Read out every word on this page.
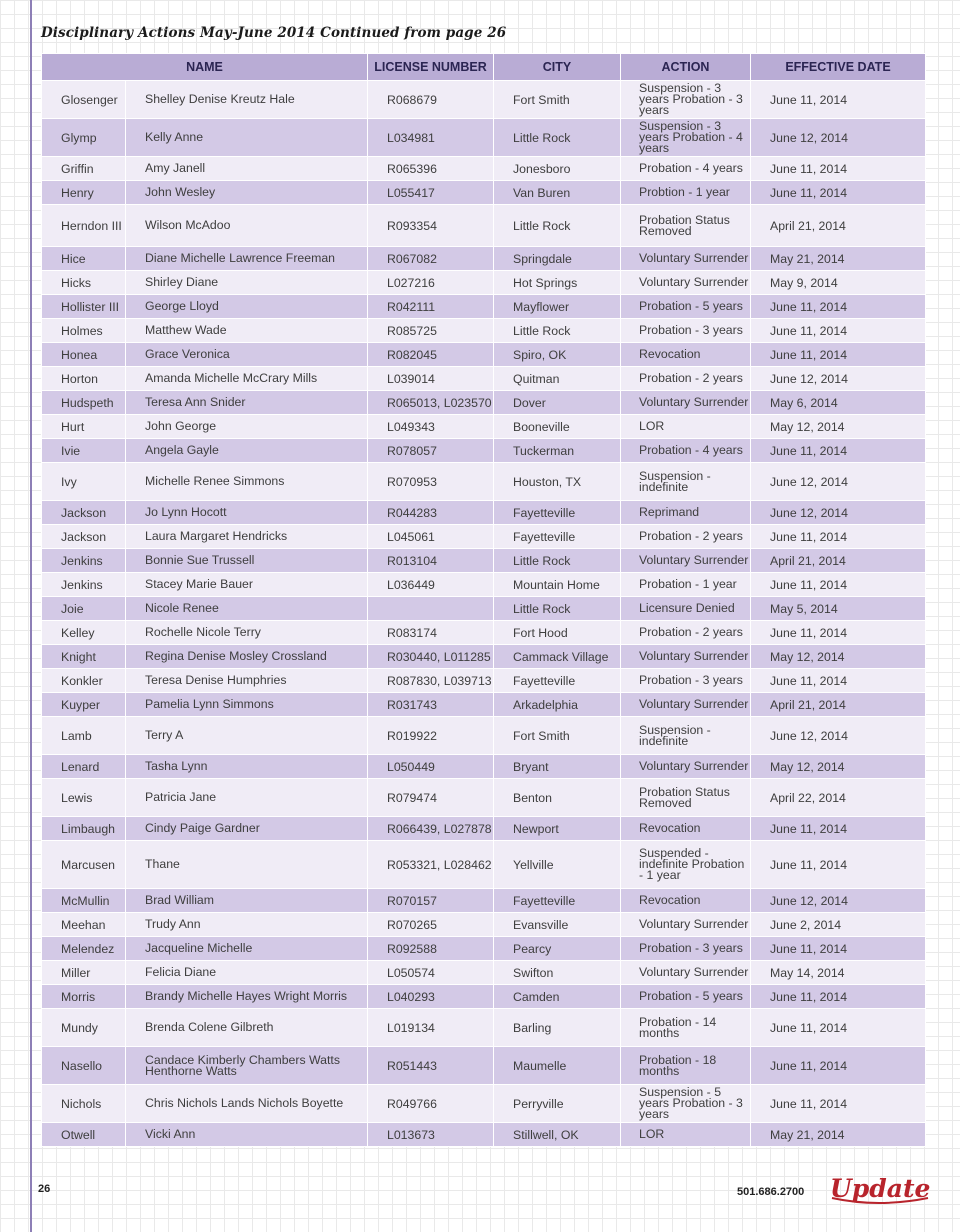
Disciplinary Actions May-June 2014 Continued from page 26
NAME		LICENSE NUMBER	CITY	ACTION	EFFECTIVE DATE
Glosenger	Shelley Denise Kreutz Hale	R068679	Fort Smith	Suspension - 3 years Probation - 3 years	June 11, 2014
Glymp	Kelly Anne	L034981	Little Rock	Suspension - 3 years Probation - 4 years	June 12, 2014
Griffin	Amy Janell	R065396	Jonesboro	Probation - 4 years	June 11, 2014
Henry	John Wesley	L055417	Van Buren	Probtion - 1 year	June 11, 2014
Herndon III	Wilson McAdoo	R093354	Little Rock	Probation Status Removed	April 21, 2014
Hice	Diane Michelle Lawrence Freeman	R067082	Springdale	Voluntary Surrender	May 21, 2014
Hicks	Shirley Diane	L027216	Hot Springs	Voluntary Surrender	May 9, 2014
Hollister III	George Lloyd	R042111	Mayflower	Probation - 5 years	June 11, 2014
Holmes	Matthew Wade	R085725	Little Rock	Probation - 3 years	June 11, 2014
Honea	Grace Veronica	R082045	Spiro, OK	Revocation	June 11, 2014
Horton	Amanda Michelle McCrary Mills	L039014	Quitman	Probation - 2 years	June 12, 2014
Hudspeth	Teresa Ann Snider	R065013, L023570	Dover	Voluntary Surrender	May 6, 2014
Hurt	John George	L049343	Booneville	LOR	May 12, 2014
Ivie	Angela Gayle	R078057	Tuckerman	Probation - 4 years	June 11, 2014
Ivy	Michelle Renee Simmons	R070953	Houston, TX	Suspension - indefinite	June 12, 2014
Jackson	Jo Lynn Hocott	R044283	Fayetteville	Reprimand	June 12, 2014
Jackson	Laura Margaret Hendricks	L045061	Fayetteville	Probation - 2 years	June 11, 2014
Jenkins	Bonnie Sue Trussell	R013104	Little Rock	Voluntary Surrender	April 21, 2014
Jenkins	Stacey Marie Bauer	L036449	Mountain Home	Probation - 1 year	June 11, 2014
Joie	Nicole Renee		Little Rock	Licensure Denied	May 5, 2014
Kelley	Rochelle Nicole Terry	R083174	Fort Hood	Probation - 2 years	June 11, 2014
Knight	Regina Denise Mosley Crossland	R030440, L011285	Cammack Village	Voluntary Surrender	May 12, 2014
Konkler	Teresa Denise Humphries	R087830, L039713	Fayetteville	Probation - 3 years	June 11, 2014
Kuyper	Pamelia Lynn Simmons	R031743	Arkadelphia	Voluntary Surrender	April 21, 2014
Lamb	Terry A	R019922	Fort Smith	Suspension - indefinite	June 12, 2014
Lenard	Tasha Lynn	L050449	Bryant	Voluntary Surrender	May 12, 2014
Lewis	Patricia Jane	R079474	Benton	Probation Status Removed	April 22, 2014
Limbaugh	Cindy Paige Gardner	R066439, L027878	Newport	Revocation	June 11, 2014
Marcusen	Thane	R053321, L028462	Yellville	Suspended - indefinite Probation - 1 year	June 11, 2014
McMullin	Brad William	R070157	Fayetteville	Revocation	June 12, 2014
Meehan	Trudy Ann	R070265	Evansville	Voluntary Surrender	June 2, 2014
Melendez	Jacqueline Michelle	R092588	Pearcy	Probation - 3 years	June 11, 2014
Miller	Felicia Diane	L050574	Swifton	Voluntary Surrender	May 14, 2014
Morris	Brandy Michelle Hayes Wright Morris	L040293	Camden	Probation - 5 years	June 11, 2014
Mundy	Brenda Colene Gilbreth	L019134	Barling	Probation - 14 months	June 11, 2014
Nasello	Candace Kimberly Chambers Watts Henthorne Watts	R051443	Maumelle	Probation - 18 months	June 11, 2014
Nichols	Chris Nichols Lands Nichols Boyette	R049766	Perryville	Suspension - 5 years Probation - 3 years	June 11, 2014
Otwell	Vicki Ann	L013673	Stillwell, OK	LOR	May 21, 2014
26	501.686.2700 Update
